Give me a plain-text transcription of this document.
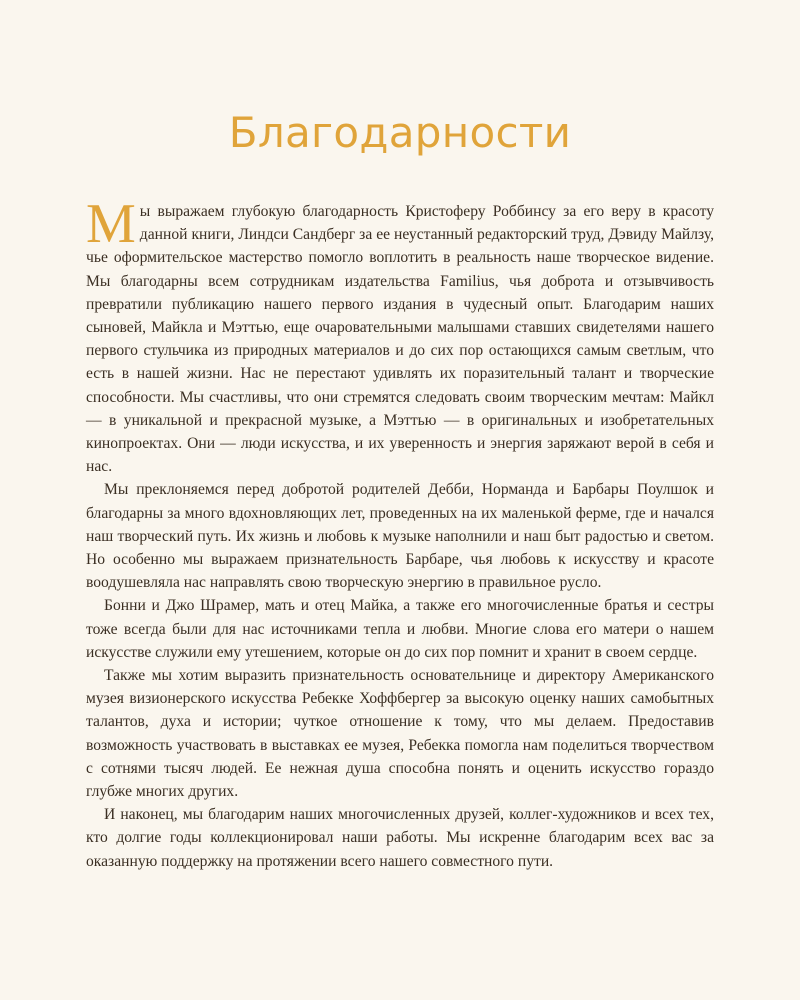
Благодарности

Мы выражаем глубокую благодарность Кристоферу Роббинсу за его веру в красоту данной книги, Линдси Сандберг за ее неустанный редакторский труд, Дэвиду Майлзу, чье оформительское мастерство помогло воплотить в реальность наше творческое видение. Мы благодарны всем сотрудникам издательства Familius, чья доброта и отзывчивость превратили публикацию нашего первого издания в чудесный опыт. Благодарим наших сыновей, Майкла и Мэттью, еще очаровательными малышами ставших свидетелями нашего первого стульчика из природных материалов и до сих пор остающихся самым светлым, что есть в нашей жизни. Нас не перестают удивлять их поразительный талант и творческие способности. Мы счастливы, что они стремятся следовать своим творческим мечтам: Майкл — в уникальной и прекрасной музыке, а Мэттью — в оригинальных и изобретательных кинопроектах. Они — люди искусства, и их уверенность и энергия заряжают верой в себя и нас.

Мы преклоняемся перед добротой родителей Дебби, Норманда и Барбары Поулшок и благодарны за много вдохновляющих лет, проведенных на их маленькой ферме, где и начался наш творческий путь. Их жизнь и любовь к музыке наполнили и наш быт радостью и светом. Но особенно мы выражаем признательность Барбаре, чья любовь к искусству и красоте воодушевляла нас направлять свою творческую энергию в правильное русло.

Бонни и Джо Шрамер, мать и отец Майка, а также его многочисленные братья и сестры тоже всегда были для нас источниками тепла и любви. Многие слова его матери о нашем искусстве служили ему утешением, которые он до сих пор помнит и хранит в своем сердце.

Также мы хотим выразить признательность основательнице и директору Американского музея визионерского искусства Ребекке Хоффбергер за высокую оценку наших самобытных талантов, духа и истории; чуткое отношение к тому, что мы делаем. Предоставив возможность участвовать в выставках ее музея, Ребекка помогла нам поделиться творчеством с сотнями тысяч людей. Ее нежная душа способна понять и оценить искусство гораздо глубже многих других.

И наконец, мы благодарим наших многочисленных друзей, коллег-художников и всех тех, кто долгие годы коллекционировал наши работы. Мы искренне благодарим всех вас за оказанную поддержку на протяжении всего нашего совместного пути.
